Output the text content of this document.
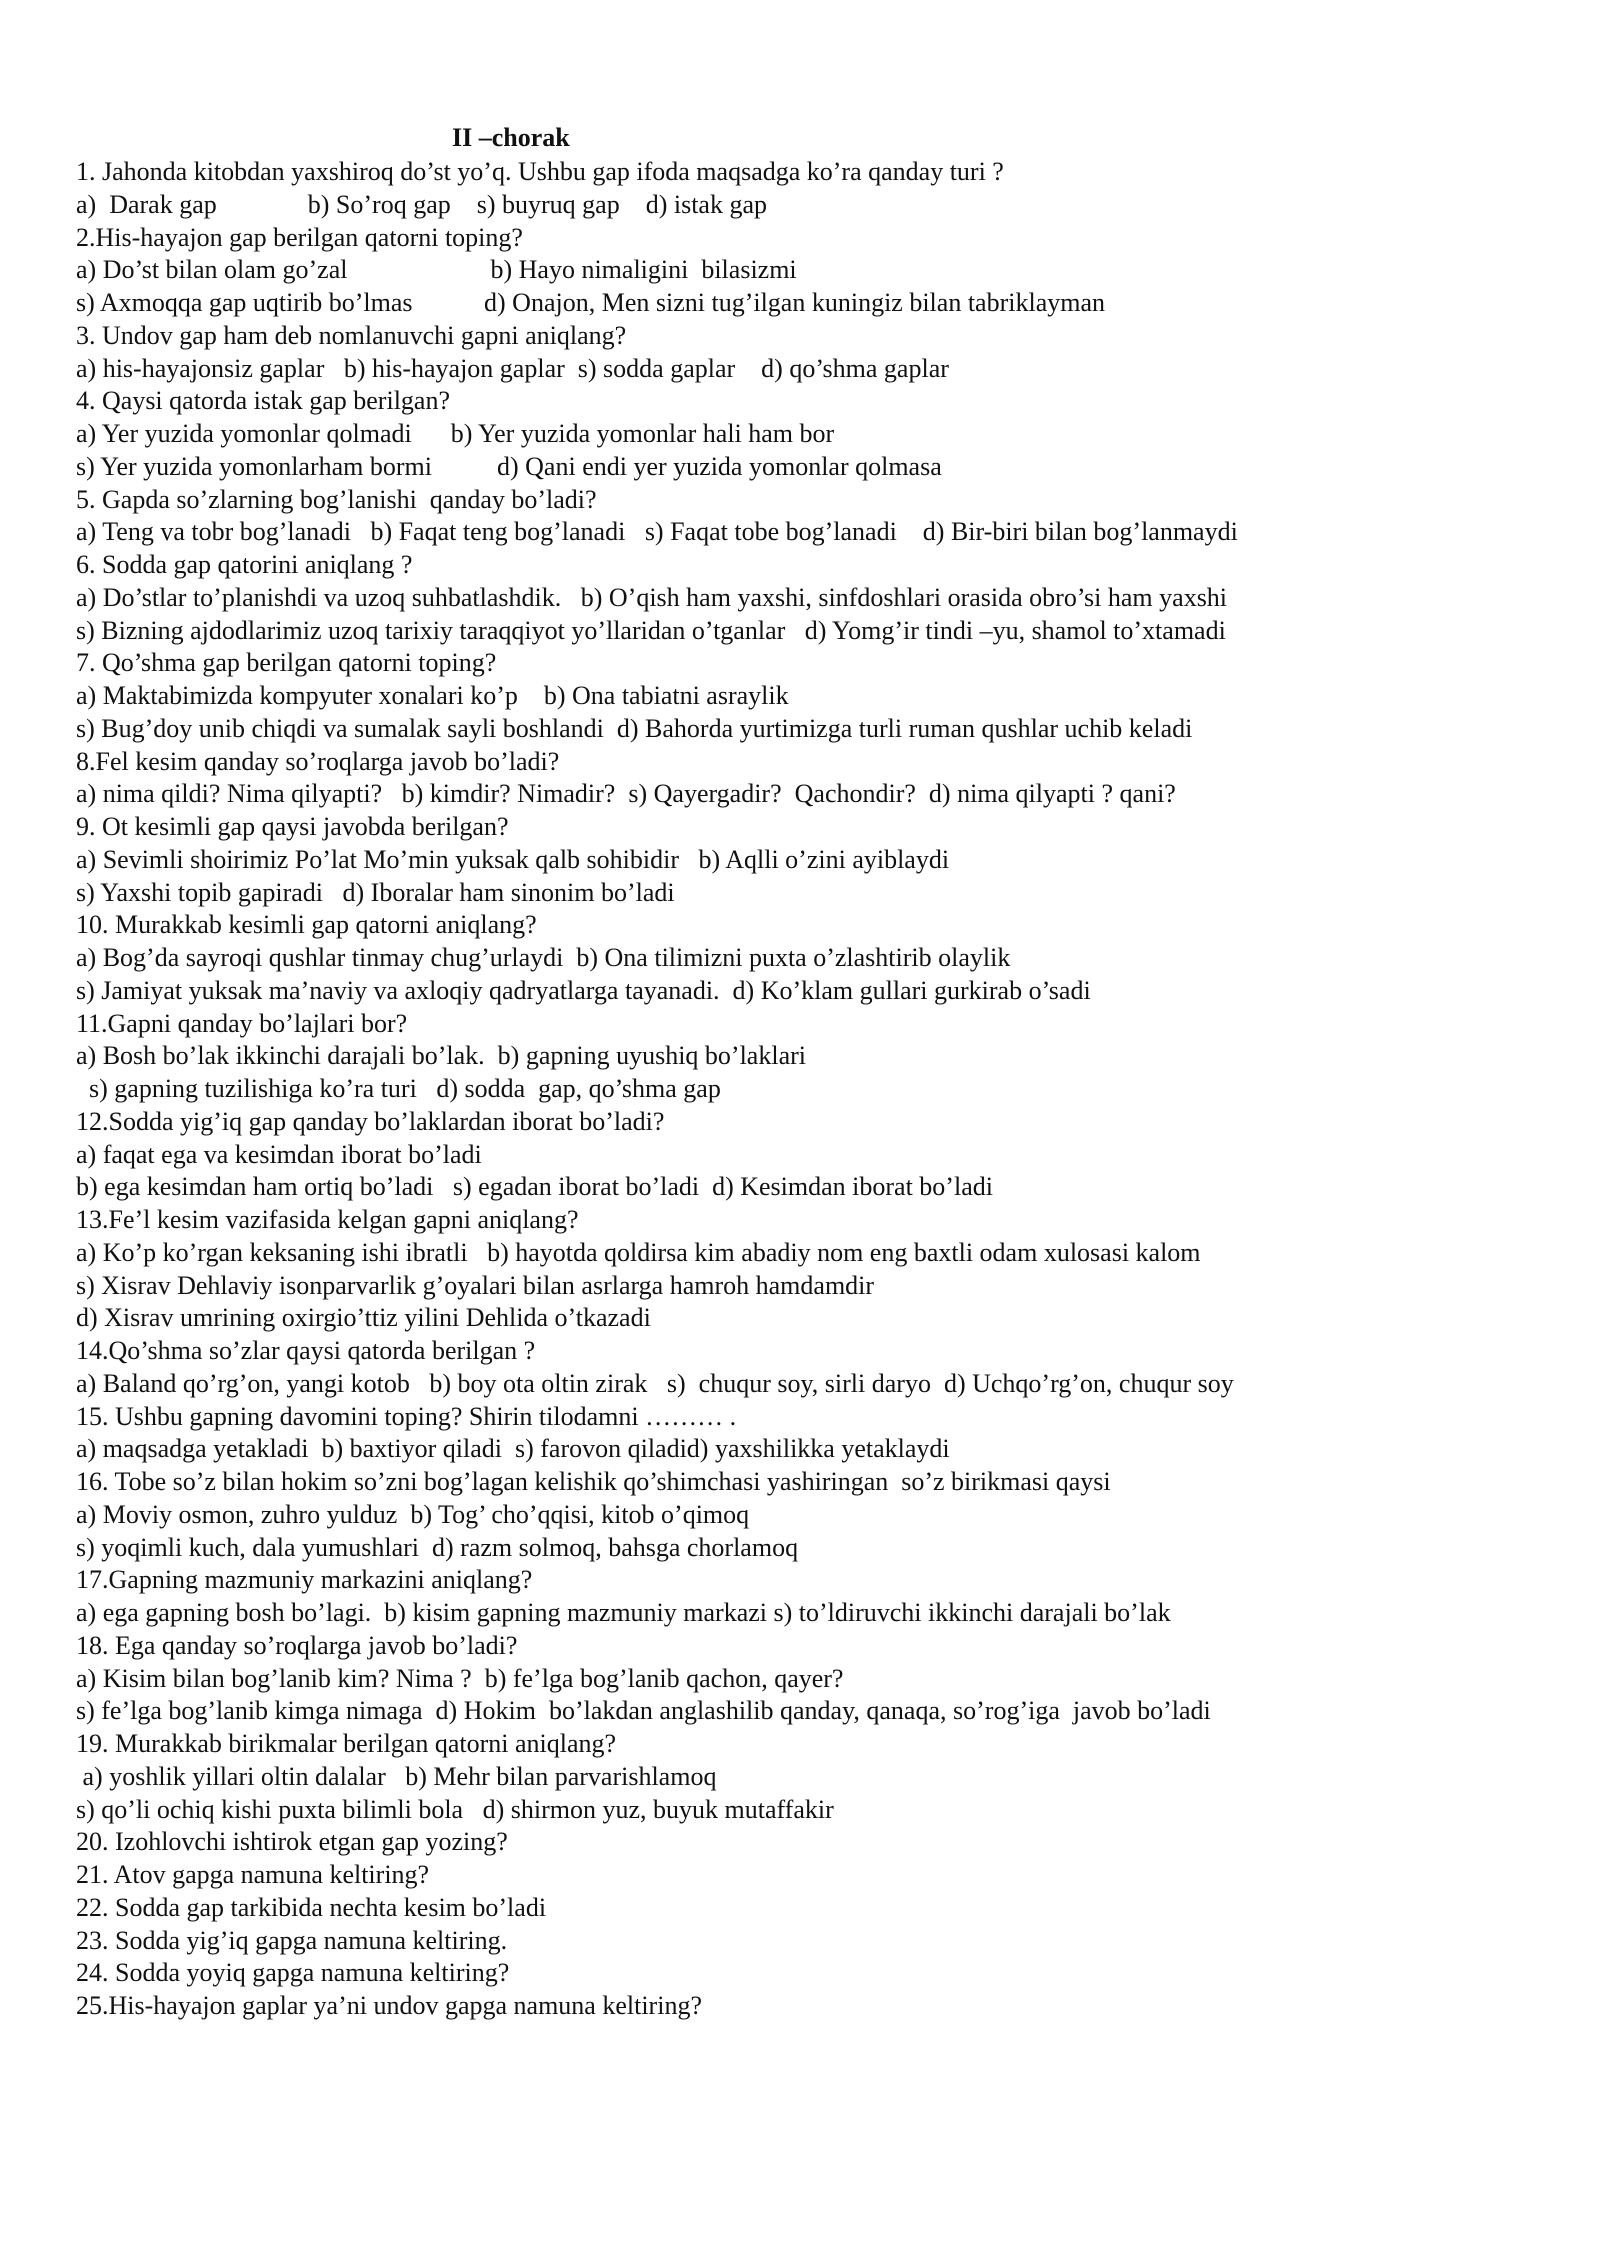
II –chorak
1. Jahonda kitobdan yaxshiroq do’st yo’q. Ushbu gap ifoda maqsadga ko’ra qanday turi ?
a)  Darak gap              b) So’roq gap    s) buyruq gap    d) istak gap
2.His-hayajon gap berilgan qatorni toping?
a) Do’st bilan olam go’zal                      b) Hayo nimaligini  bilasizmi
s) Axmoqqa gap uqtirib bo’lmas           d) Onajon, Men sizni tug’ilgan kuningiz bilan tabriklayman
3. Undov gap ham deb nomlanuvchi gapni aniqlang?
a) his-hayajonsiz gaplar   b) his-hayajon gaplar  s) sodda gaplar    d) qo’shma gaplar
4. Qaysi qatorda istak gap berilgan?
a) Yer yuzida yomonlar qolmadi      b) Yer yuzida yomonlar hali ham bor
s) Yer yuzida yomonlarham bormi          d) Qani endi yer yuzida yomonlar qolmasa
5. Gapda so’zlarning bog’lanishi  qanday bo’ladi?
a) Teng va tobr bog’lanadi   b) Faqat teng bog’lanadi   s) Faqat tobe bog’lanadi    d) Bir-biri bilan bog’lanmaydi
6. Sodda gap qatorini aniqlang ?
a) Do’stlar to’planishdi va uzoq suhbatlashdik.   b) O’qish ham yaxshi, sinfdoshlari orasida obro’si ham yaxshi
s) Bizning ajdodlarimiz uzoq tarixiy taraqqiyot yo’llaridan o’tganlar   d) Yomg’ir tindi –yu, shamol to’xtamadi
7. Qo’shma gap berilgan qatorni toping?
a) Maktabimizda kompyuter xonalari ko’p    b) Ona tabiatni asraylik
s) Bug’doy unib chiqdi va sumalak sayli boshlandi  d) Bahorda yurtimizga turli ruman qushlar uchib keladi
8.Fel kesim qanday so’roqlarga javob bo’ladi?
a) nima qildi? Nima qilyapti?   b) kimdir? Nimadir?  s) Qayergadir?  Qachondir?  d) nima qilyapti ? qani?
9. Ot kesimli gap qaysi javobda berilgan?
a) Sevimli shoirimiz Po’lat Mo’min yuksak qalb sohibidir   b) Aqlli o’zini ayiblaydi
s) Yaxshi topib gapiradi   d) Iboralar ham sinonim bo’ladi
10. Murakkab kesimli gap qatorni aniqlang?
a) Bog’da sayroqi qushlar tinmay chug’urlaydi  b) Ona tilimizni puxta o’zlashtirib olaylik
s) Jamiyat yuksak ma’naviy va axloqiy qadryatlarga tayanadi.  d) Ko’klam gullari gurkirab o’sadi
11.Gapni qanday bo’lajlari bor?
a) Bosh bo’lak ikkinchi darajali bo’lak.  b) gapning uyushiq bo’laklari
s) gapning tuzilishiga ko’ra turi   d) sodda  gap, qo’shma gap
12.Sodda yig’iq gap qanday bo’laklardan iborat bo’ladi?
a) faqat ega va kesimdan iborat bo’ladi
b) ega kesimdan ham ortiq bo’ladi   s) egadan iborat bo’ladi  d) Kesimdan iborat bo’ladi
13.Fe’l kesim vazifasida kelgan gapni aniqlang?
a) Ko’p ko’rgan keksaning ishi ibratli   b) hayotda qoldirsa kim abadiy nom eng baxtli odam xulosasi kalom
s) Xisrav Dehlaviy isonparvarlik g’oyalari bilan asrlarga hamroh hamdamdir
d) Xisrav umrining oxirgio’ttiz yilini Dehlida o’tkazadi
14.Qo’shma so’zlar qaysi qatorda berilgan ?
a) Baland qo’rg’on, yangi kotob   b) boy ota oltin zirak   s)  chuqur soy, sirli daryo  d) Uchqo’rg’on, chuqur soy
15. Ushbu gapning davomini toping? Shirin tilodamni ……… .
a) maqsadga yetakladi  b) baxtiyor qiladi  s) farovon qiladid) yaxshilikka yetaklaydi
16. Tobe so’z bilan hokim so’zni bog’lagan kelishik qo’shimchasi yashiringan  so’z birikmasi qaysi
a) Moviy osmon, zuhro yulduz  b) Tog’ cho’qqisi, kitob o’qimoq
s) yoqimli kuch, dala yumushlari  d) razm solmoq, bahsga chorlamoq
17.Gapning mazmuniy markazini aniqlang?
a) ega gapning bosh bo’lagi.  b) kisim gapning mazmuniy markazi s) to’ldiruvchi ikkinchi darajali bo’lak
18. Ega qanday so’roqlarga javob bo’ladi?
a) Kisim bilan bog’lanib kim? Nima ?  b) fe’lga bog’lanib qachon, qayer?
s) fe’lga bog’lanib kimga nimaga  d) Hokim  bo’lakdan anglashilib qanday, qanaqa, so’rog’iga  javob bo’ladi
19. Murakkab birikmalar berilgan qatorni aniqlang?
a) yoshlik yillari oltin dalalar   b) Mehr bilan parvarishlamoq
s) qo’li ochiq kishi puxta bilimli bola   d) shirmon yuz, buyuk mutaffakir
20. Izohlovchi ishtirok etgan gap yozing?
21. Atov gapga namuna keltiring?
22. Sodda gap tarkibida nechta kesim bo’ladi
23. Sodda yig’iq gapga namuna keltiring.
24. Sodda yoyiq gapga namuna keltiring?
25.His-hayajon gaplar ya’ni undov gapga namuna keltiring?
